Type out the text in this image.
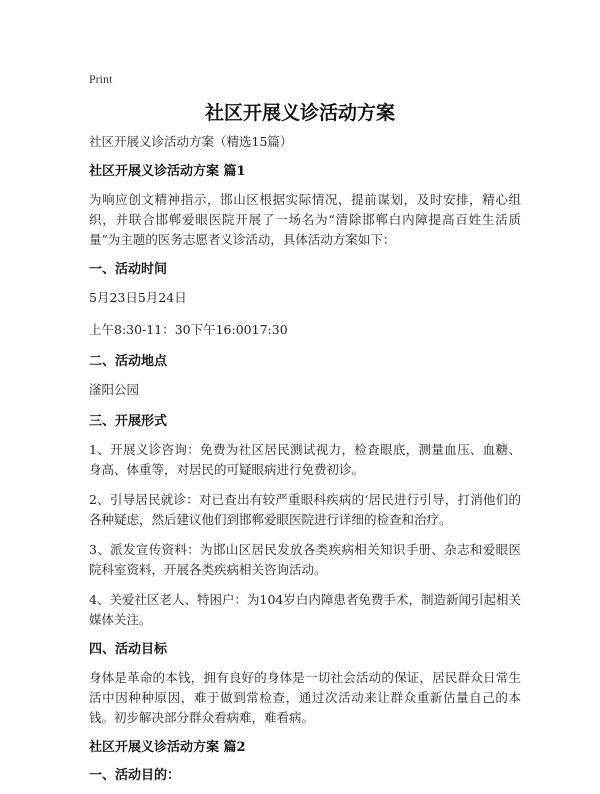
Print
社区开展义诊活动方案

社区开展义诊活动方案（精选15篇）

社区开展义诊活动方案 篇1

为响应创文精神指示，邯山区根据实际情况，提前谋划，及时安排，精心组织，并联合邯郸爱眼医院开展了一场名为“清除邯郸白内障提高百姓生活质量”为主题的医务志愿者义诊活动，具体活动方案如下：

一、活动时间

5月23日5月24日

上午8:30-11：30下午16:0017:30

二、活动地点

滏阳公园

三、开展形式

1、开展义诊咨询：免费为社区居民测试视力，检查眼底，测量血压、血糖、身高、体重等，对居民的可疑眼病进行免费初诊。

2、引导居民就诊：对已查出有较严重眼科疾病的‘居民进行引导，打消他们的各种疑虑，然后建议他们到邯郸爱眼医院进行详细的检查和治疗。

3、派发宣传资料：为邯山区居民发放各类疾病相关知识手册、杂志和爱眼医院科室资料，开展各类疾病相关咨询活动。

4、关爱社区老人、特困户：为104岁白内障患者免费手术，制造新闻引起相关媒体关注。

四、活动目标

身体是革命的本钱，拥有良好的身体是一切社会活动的保证，居民群众日常生活中因种种原因，难于做到常检查，通过次活动来让群众重新估量自己的本钱。初步解决部分群众看病难，难看病。

社区开展义诊活动方案 篇2
一、活动目的：
